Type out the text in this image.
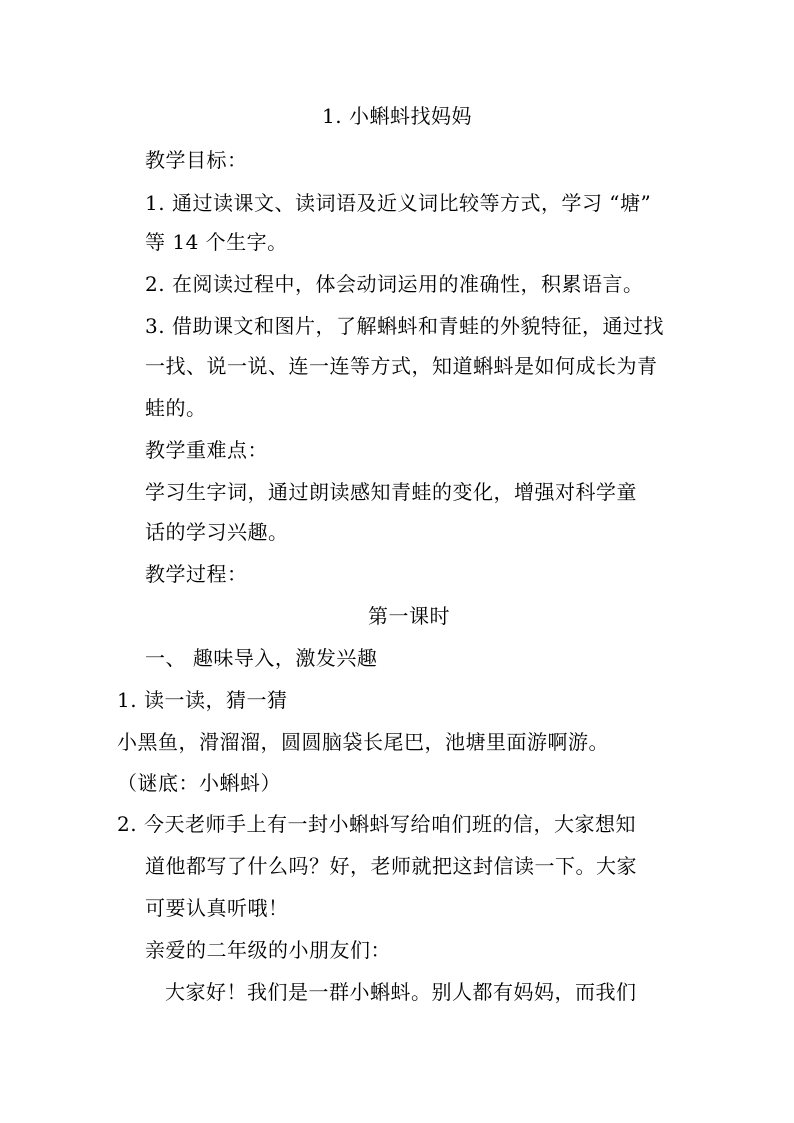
1. 小蝌蚪找妈妈
教学目标：
1. 通过读课文、读词语及近义词比较等方式，学习 “塘”
等 14 个生字。
2. 在阅读过程中，体会动词运用的准确性，积累语言。
3. 借助课文和图片，了解蝌蚪和青蛙的外貌特征，通过找
一找、说一说、连一连等方式，知道蝌蚪是如何成长为青
蛙的。
教学重难点：
学习生字词，通过朗读感知青蛙的变化，增强对科学童
话的学习兴趣。
教学过程：
第一课时
一、 趣味导入，激发兴趣
1. 读一读，猜一猜
小黑鱼，滑溜溜，圆圆脑袋长尾巴，池塘里面游啊游。
（谜底：小蝌蚪）
2. 今天老师手上有一封小蝌蚪写给咱们班的信，大家想知
道他都写了什么吗？好，老师就把这封信读一下。大家
可要认真听哦！
亲爱的二年级的小朋友们：
大家好！我们是一群小蝌蚪。别人都有妈妈，而我们
